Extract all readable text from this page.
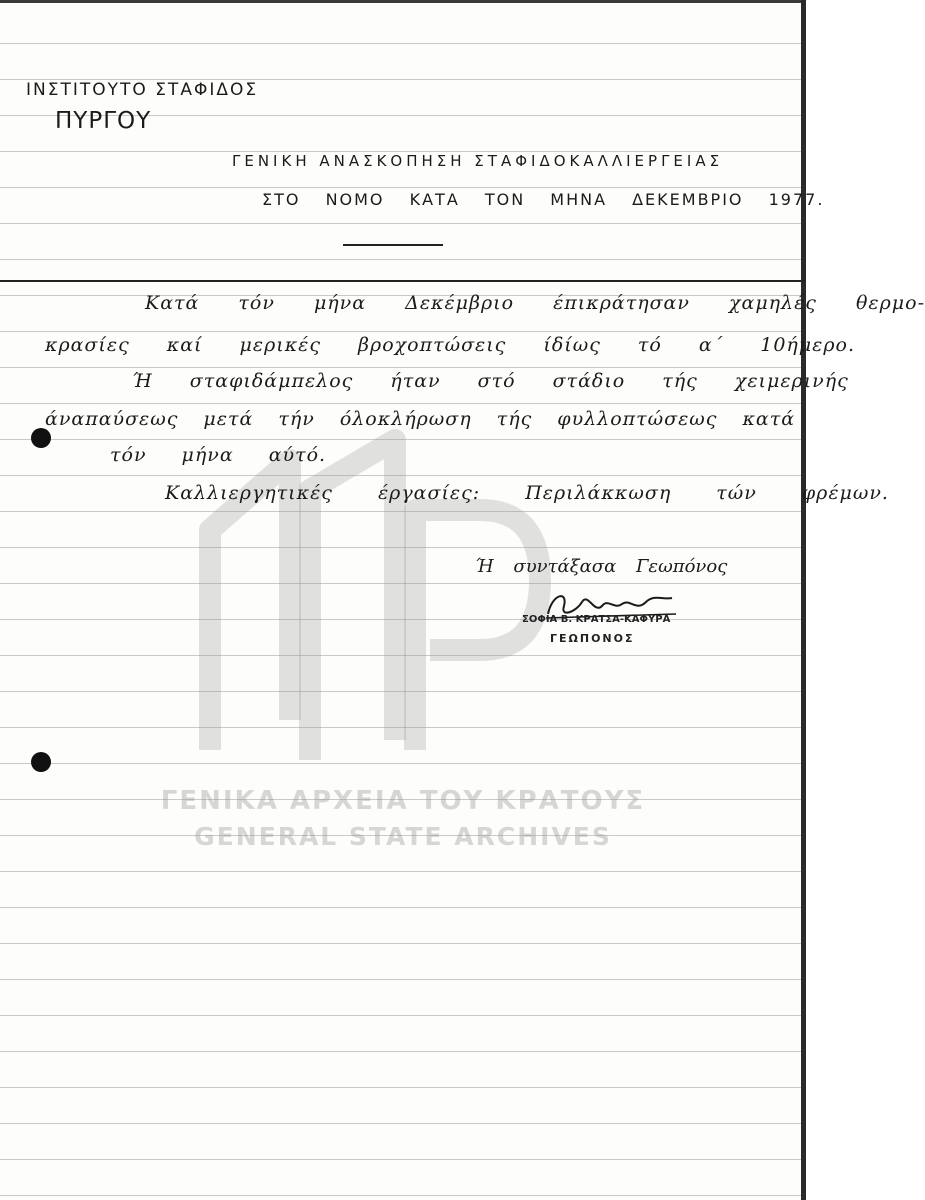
ΓΕΝΙΚΑ ΑΡΧΕΙΑ ΤΟΥ ΚΡΑΤΟΥΣ
GENERAL STATE ARCHIVES
ΙΝΣΤΙΤΟΥΤΟ ΣΤΑΦΙΔΟΣ
ΠΥΡΓΟΥ
ΓΕΝΙΚΗ ΑΝΑΣΚΟΠΗΣΗ ΣΤΑΦΙΔΟΚΑΛΛΙΕΡΓΕΙΑΣ
ΣΤΟ ΝΟΜΟ ΚΑΤΑ ΤΟΝ ΜΗΝΑ ΔΕΚΕΜΒΡΙΟ 1977.
Κατά τόν μήνα Δεκέμβριο έπικράτησαν χαμηλές θερμο-
κρασίες καί μερικές βροχοπτώσεις ίδίως τό α΄ 10ήμερο.
Ή σταφιδάμπελος ήταν στό στάδιο τής χειμερινής
άναπαύσεως μετά τήν όλοκλήρωση τής φυλλοπτώσεως κατά
τόν μήνα αύτό.
Καλλιεργητικές έργασίες: Περιλάκκωση τών φρέμων.
Ή συντάξασα Γεωπόνος
ΣΟΦΙΑ Β. ΚΡΑΤΣΑ-ΚΑΦΥΡΑ
ΓΕΩΠΟΝΟΣ
